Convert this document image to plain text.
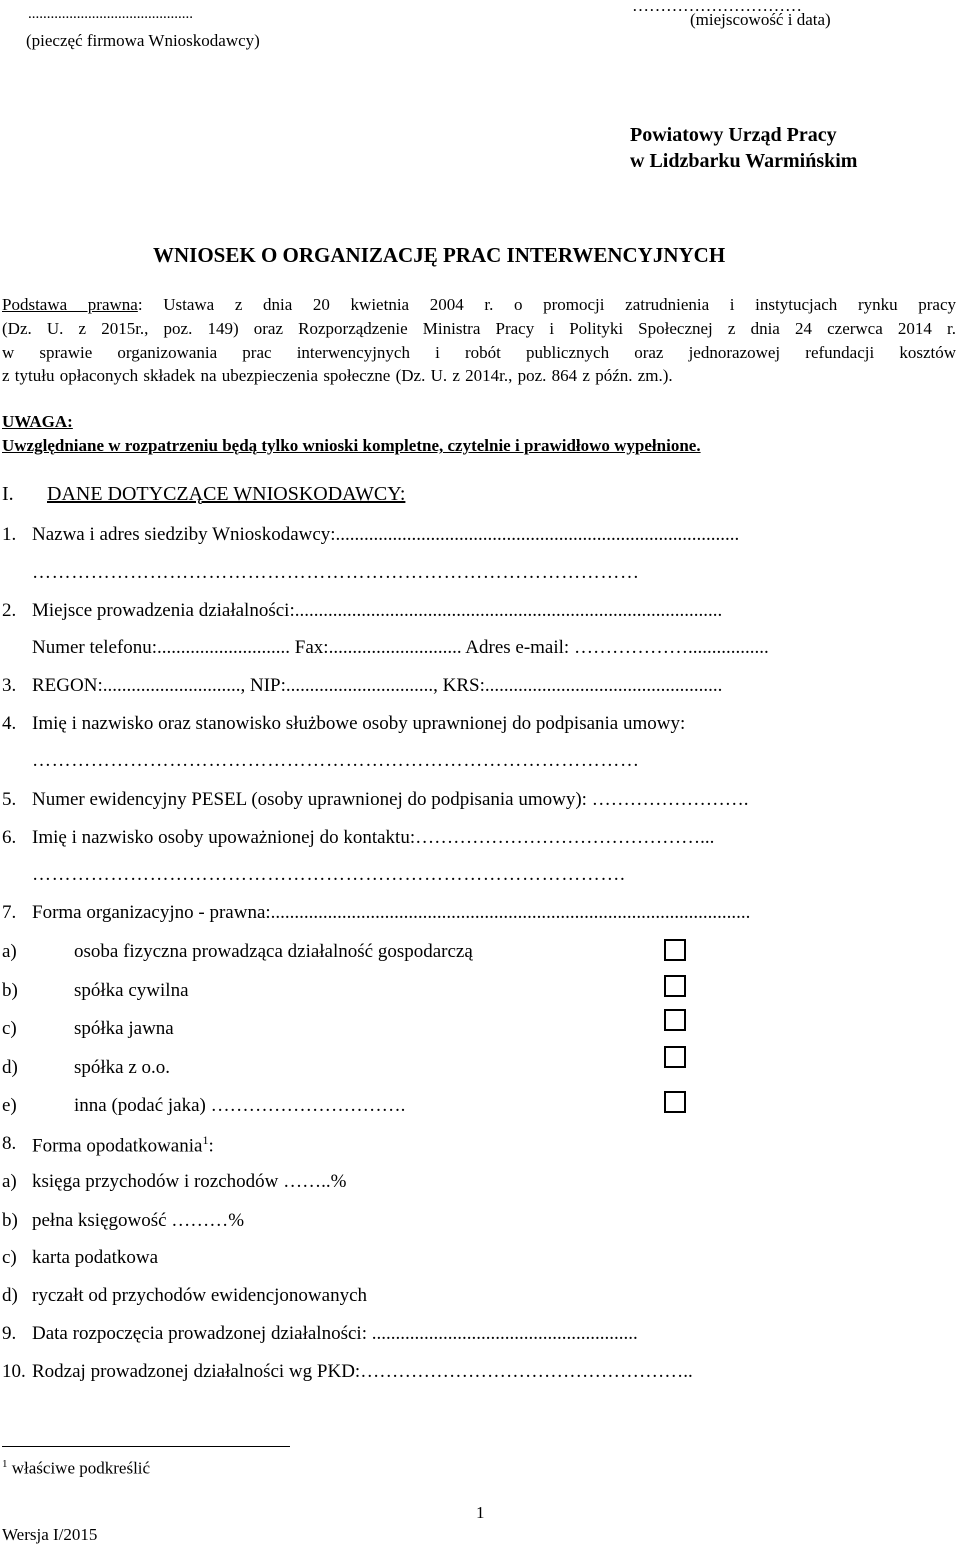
............................................
(pieczęć firmowa Wnioskodawcy)
…………………………
(miejscowość i data)
Powiatowy Urząd Pracy
w Lidzbarku Warmińskim
WNIOSEK O ORGANIZACJĘ PRAC INTERWENCYJNYCH
Podstawa prawna: Ustawa z dnia 20 kwietnia 2004 r. o promocji zatrudnienia i instytucjach rynku pracy
(Dz. U. z 2015r., poz. 149) oraz Rozporządzenie Ministra Pracy i Polityki Społecznej z dnia 24 czerwca 2014 r.
w sprawie organizowania prac interwencyjnych i robót publicznych oraz jednorazowej refundacji kosztów
z tytułu opłaconych składek na ubezpieczenia społeczne (Dz. U. z 2014r., poz. 864 z późn. zm.).
UWAGA:
Uwzględniane w rozpatrzeniu będą tylko wnioski kompletne, czytelnie i prawidłowo wypełnione.
I. DANE DOTYCZĄCE WNIOSKODAWCY:
1. Nazwa i adres siedziby Wnioskodawcy:.....................................................................................
…………………………………………………………………………………
2. Miejsce prowadzenia działalności:..........................................................................................
Numer telefonu:............................ Fax:............................ Adres e-mail: ……………….................
3. REGON:............................., NIP:..............................., KRS:..................................................
4. Imię i nazwisko oraz stanowisko służbowe osoby uprawnionej do podpisania umowy:
…………………………………………………………………………………
5. Numer ewidencyjny PESEL (osoby uprawnionej do podpisania umowy): …………………….
6. Imię i nazwisko osoby upoważnionej do kontaktu:………………………………………...
……………………………………………………………………………….
7. Forma organizacyjno - prawna:.....................................................................................................
a)	osoba fizyczna prowadząca działalność gospodarczą
b)	spółka cywilna
c)	spółka jawna
d)	spółka z o.o.
e)	inna (podać jaka) ………………………….
8. Forma opodatkowania$^1$:
a) księga przychodów i rozchodów ……..%
b) pełna księgowość ………%
c) karta podatkowa
d) ryczałt od przychodów ewidencjonowanych
9. Data rozpoczęcia prowadzonej działalności: ........................................................
10. Rodzaj prowadzonej działalności wg PKD:……………………………………………..
$^1$ właściwe podkreślić
1
Wersja I/2015
